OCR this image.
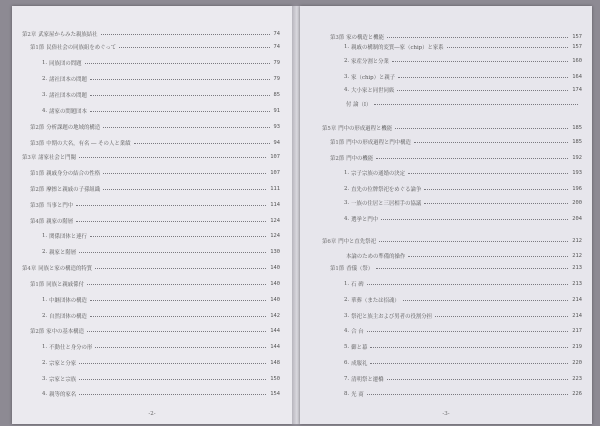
第2章 武家屋からみた親族結社	74
第1節 民俗社会の同族組をめぐって	74
1. 同族団の問題	79
2. 諸社団本の問題	79
3. 諸社団本の問題	85
4. 諸家の問題団本	91
第2節 分析課題の地域的構造	93
第3節 中期の大名，有名 ― その人と業績	94
第3章 諸家社会と門閥	107
第1節 親戚身分の結合の性格	107
第2節 摩擦と親戚の子孫組織	111
第3節 当事と門中	114
第4節 親家の階層	124
1. 関係団体と連行	124
2. 親家と階層	130
第4章 同族と家の構造的特質	140
第1節 同族と親戚係付	140
1. 中継団体の構造	140
2. 自然団体の構造	142
第2節 家中の基本構造	144
1. 不動仕と身分の形	144
2. 宗家と分家	148
3. 宗家と宗族	150
4. 親等的家名	154
-2-
第3節 家の構造と機能	157
1. 親戚の構制的変質―家（chip）と家系	157
2. 家産分割と分業	160
3. 家（chip）と親子	164
4. 大小家と同世同級	174
付 論（I）
第5章 門中の形成過程と機能	185
第1節 門中の形成過程と門中構造	185
第2節 門中の機能	192
1. 宗子宗族の通婚の決定	193
2. 直先の位牌祭祀をめぐる論争	196
3. 一族の住居と三居相手の協議	200
4. 選挙と門中	204
第6章 門中と直先祭祀	212
本論のための準備的操作	212
第1節 香儀（祭）	213
1. 石 碑	213
2. 華葬（または招魂）	214
3. 祭祀と族主および男者の役割分担	214
4. 合 台	217
5. 御と幕	219
6. 成服礼	220
7. 清明祭と遷橋	223
8. 光 商	226
-3-
